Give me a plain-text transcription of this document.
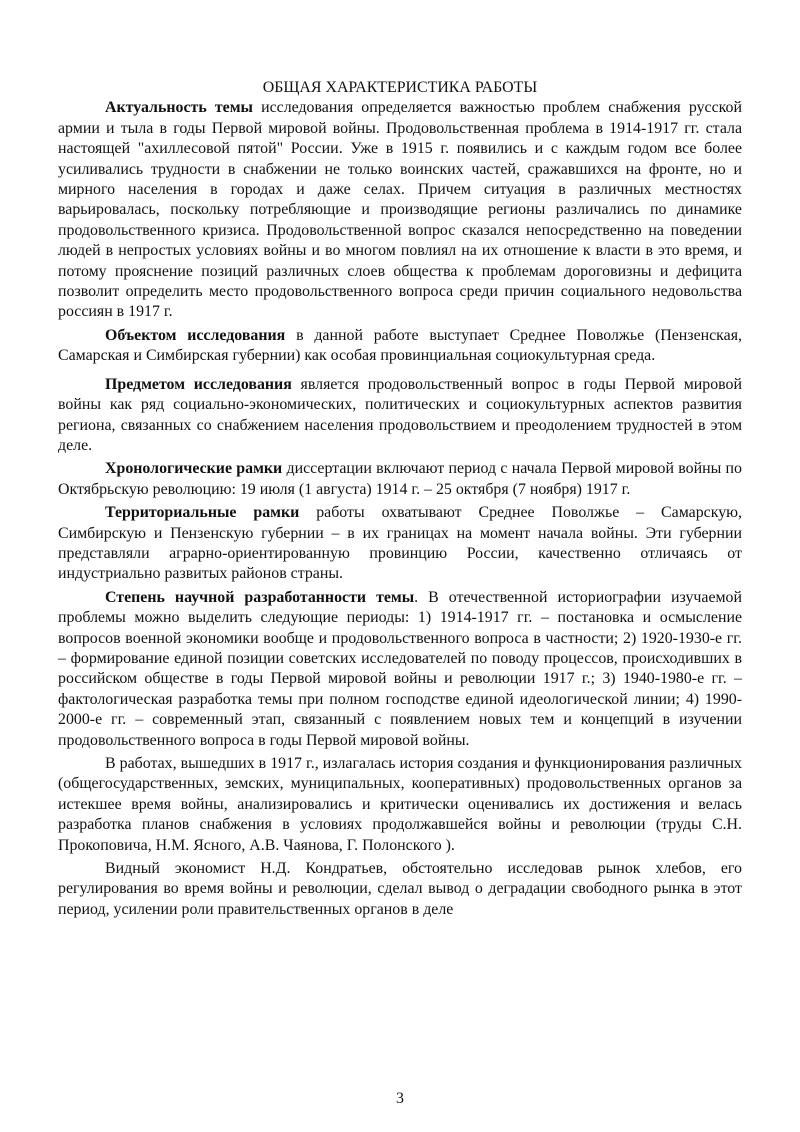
ОБЩАЯ ХАРАКТЕРИСТИКА РАБОТЫ

Актуальность темы исследования определяется важностью проблем снабжения русской армии и тыла в годы Первой мировой войны. Продовольственная проблема в 1914-1917 гг. стала настоящей "ахиллесовой пятой" России. Уже в 1915 г. появились и с каждым годом все более усиливались трудности в снабжении не только воинских частей, сражавшихся на фронте, но и мирного населения в городах и даже селах. Причем ситуация в различных местностях варьировалась, поскольку потребляющие и производящие регионы различались по динамике продовольственного кризиса. Продовольственной вопрос сказался непосредственно на поведении людей в непростых условиях войны и во многом повлиял на их отношение к власти в это время, и потому прояснение позиций различных слоев общества к проблемам дороговизны и дефицита позволит определить место продовольственного вопроса среди причин социального недовольства россиян в 1917 г.

Объектом исследования в данной работе выступает Среднее Поволжье (Пензенская, Самарская и Симбирская губернии) как особая провинциальная социокультурная среда.

Предметом исследования является продовольственный вопрос в годы Первой мировой войны как ряд социально-экономических, политических и социокультурных аспектов развития региона, связанных со снабжением населения продовольствием и преодолением трудностей в этом деле.

Хронологические рамки диссертации включают период с начала Первой мировой войны по Октябрьскую революцию: 19 июля (1 августа) 1914 г. – 25 октября (7 ноября) 1917 г.

Территориальные рамки работы охватывают Среднее Поволжье – Самарскую, Симбирскую и Пензенскую губернии – в их границах на момент начала войны. Эти губернии представляли аграрно-ориентированную провинцию России, качественно отличаясь от индустриально развитых районов страны.

Степень научной разработанности темы. В отечественной историографии изучаемой проблемы можно выделить следующие периоды: 1) 1914-1917 гг. – постановка и осмысление вопросов военной экономики вообще и продовольственного вопроса в частности; 2) 1920-1930-е гг. – формирование единой позиции советских исследователей по поводу процессов, происходивших в российском обществе в годы Первой мировой войны и революции 1917 г.; 3) 1940-1980-е гг. – фактологическая разработка темы при полном господстве единой идеологической линии; 4) 1990-2000-е гг. – современный этап, связанный с появлением новых тем и концепций в изучении продовольственного вопроса в годы Первой мировой войны.

В работах, вышедших в 1917 г., излагалась история создания и функционирования различных (общегосударственных, земских, муниципальных, кооперативных) продовольственных органов за истекшее время войны, анализировались и критически оценивались их достижения и велась разработка планов снабжения в условиях продолжавшейся войны и революции (труды С.Н. Прокоповича, Н.М. Ясного, А.В. Чаянова, Г. Полонского ).

Видный экономист Н.Д. Кондратьев, обстоятельно исследовав рынок хлебов, его регулирования во время войны и революции, сделал вывод о деградации свободного рынка в этот период, усилении роли правительственных органов в деле

3
